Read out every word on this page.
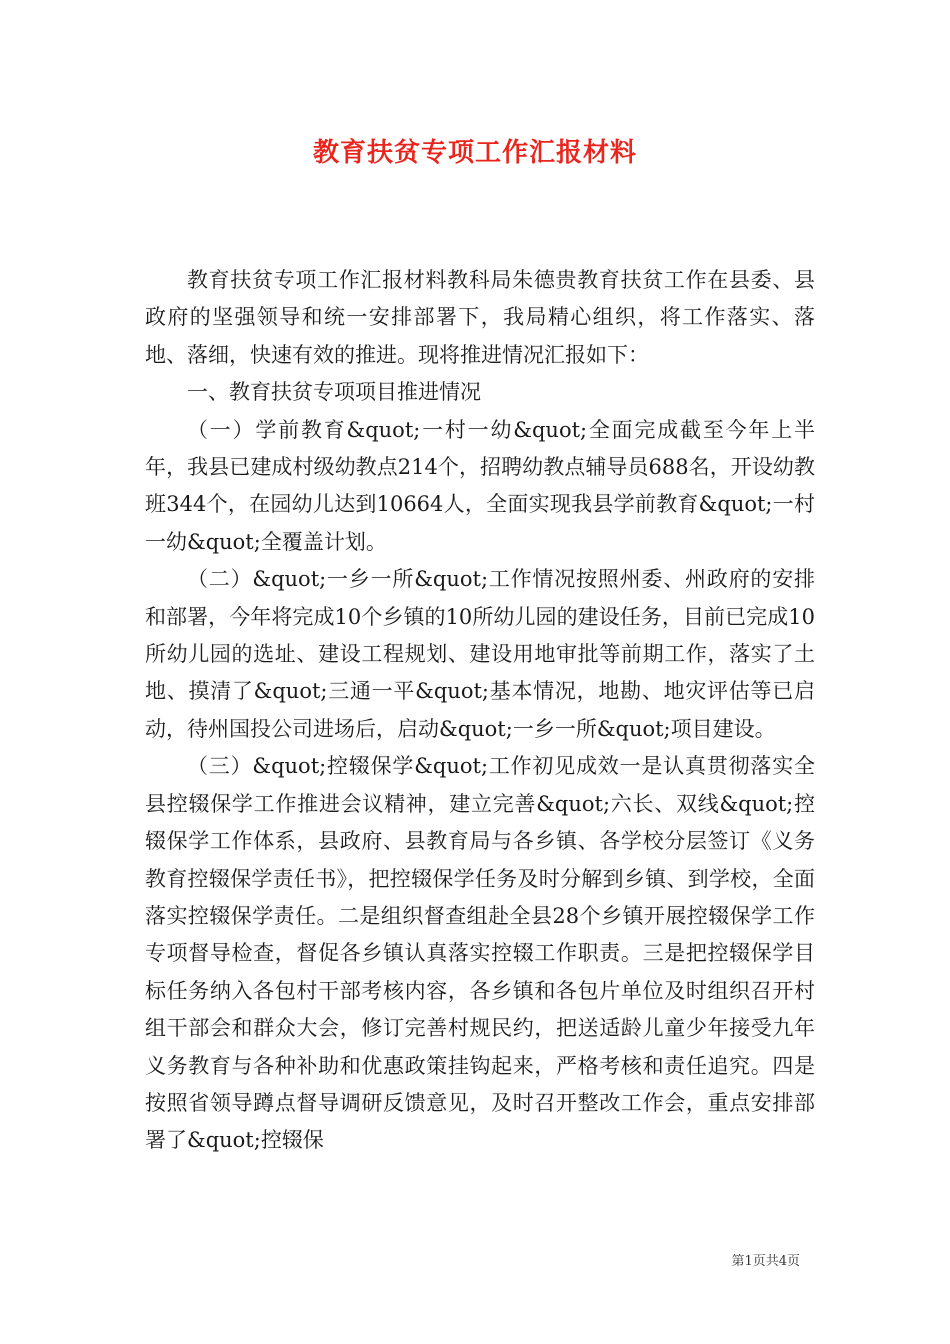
教育扶贫专项工作汇报材料

教育扶贫专项工作汇报材料教科局朱德贵教育扶贫工作在县委、县政府的坚强领导和统一安排部署下，我局精心组织，将工作落实、落地、落细，快速有效的推进。现将推进情况汇报如下：

一、教育扶贫专项项目推进情况

（一）学前教育&quot;一村一幼&quot;全面完成截至今年上半年，我县已建成村级幼教点214个，招聘幼教点辅导员688名，开设幼教班344个，在园幼儿达到10664人，全面实现我县学前教育&quot;一村一幼&quot;全覆盖计划。

（二）&quot;一乡一所&quot;工作情况按照州委、州政府的安排和部署，今年将完成10个乡镇的10所幼儿园的建设任务，目前已完成10所幼儿园的选址、建设工程规划、建设用地审批等前期工作，落实了土地、摸清了&quot;三通一平&quot;基本情况，地勘、地灾评估等已启动，待州国投公司进场后，启动&quot;一乡一所&quot;项目建设。

（三）&quot;控辍保学&quot;工作初见成效一是认真贯彻落实全县控辍保学工作推进会议精神，建立完善&quot;六长、双线&quot;控辍保学工作体系，县政府、县教育局与各乡镇、各学校分层签订《义务教育控辍保学责任书》，把控辍保学任务及时分解到乡镇、到学校，全面落实控辍保学责任。二是组织督查组赴全县28个乡镇开展控辍保学工作专项督导检查，督促各乡镇认真落实控辍工作职责。三是把控辍保学目标任务纳入各包村干部考核内容，各乡镇和各包片单位及时组织召开村组干部会和群众大会，修订完善村规民约，把送适龄儿童少年接受九年义务教育与各种补助和优惠政策挂钩起来，严格考核和责任追究。四是按照省领导蹲点督导调研反馈意见，及时召开整改工作会，重点安排部署了&quot;控辍保

第1页共4页
